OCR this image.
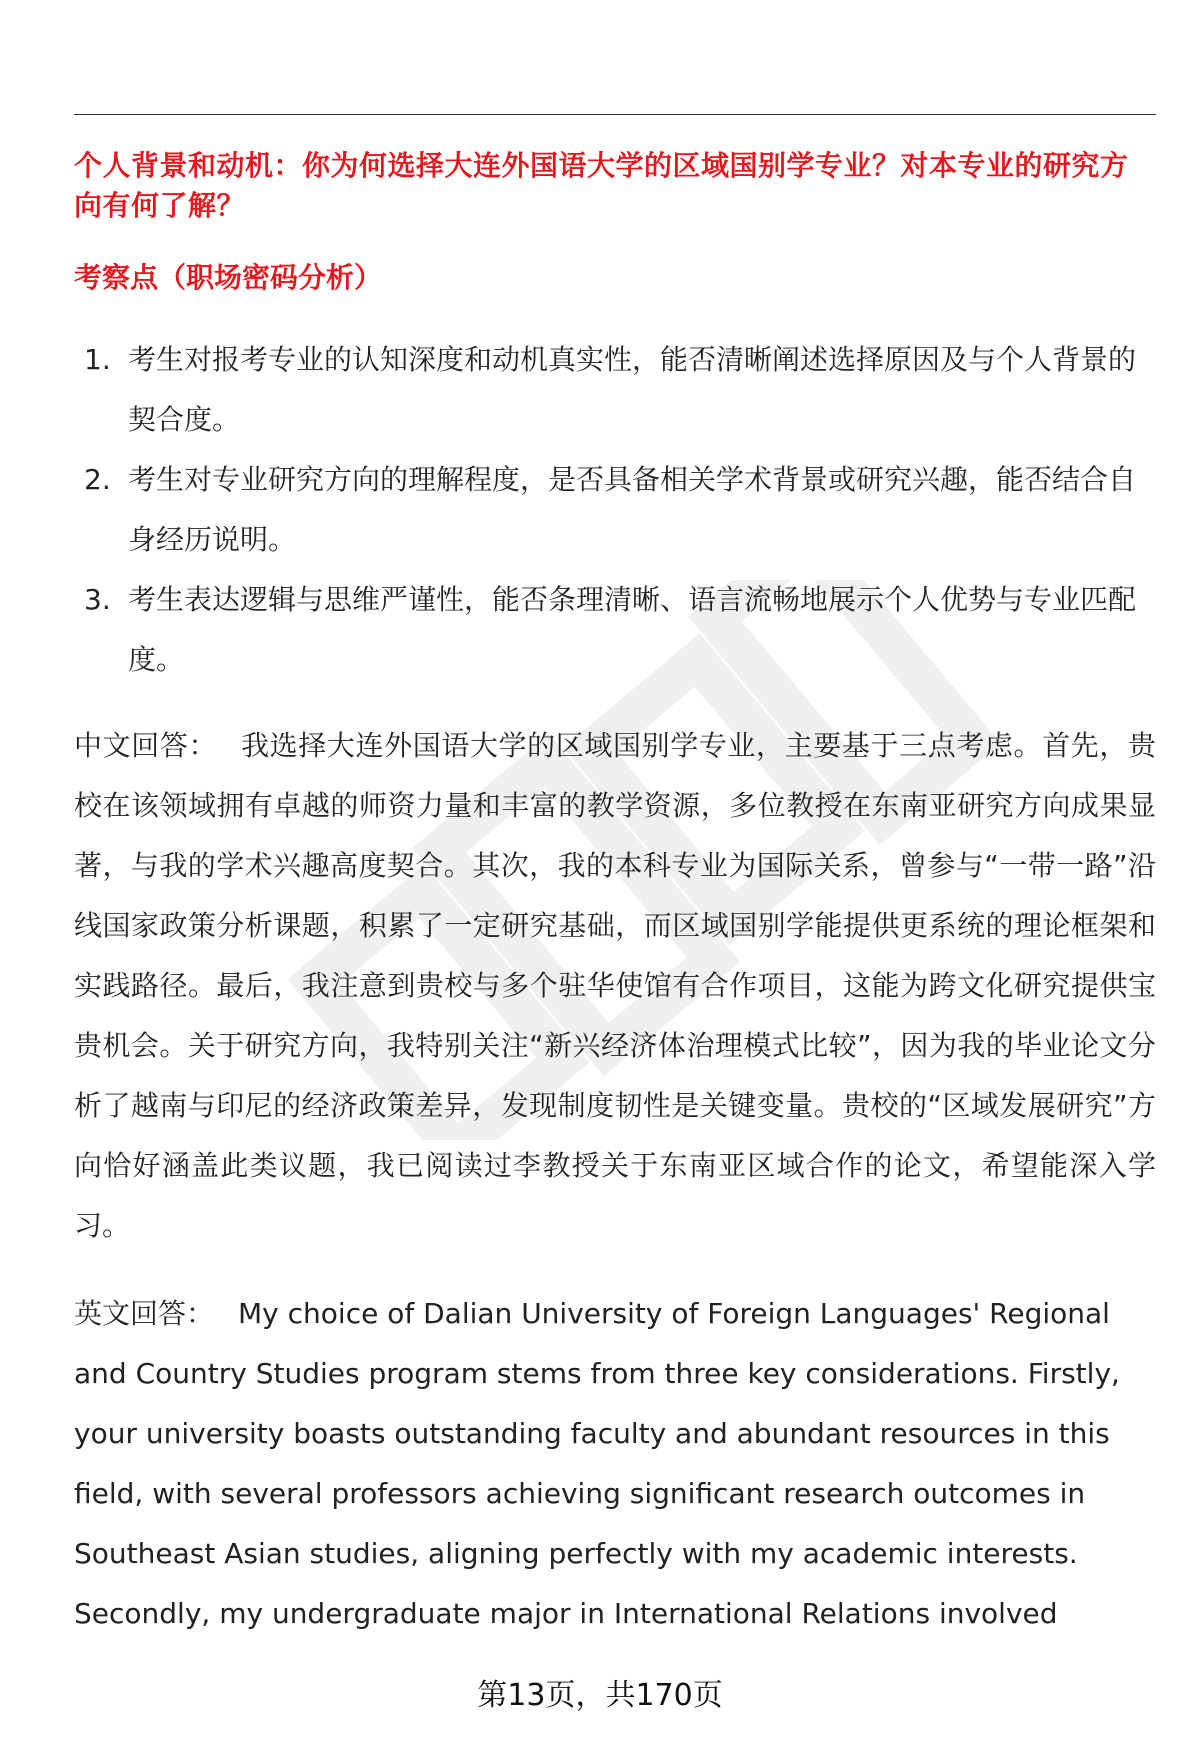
个人背景和动机：你为何选择大连外国语大学的区域国别学专业？对本专业的研究方向有何了解？
考察点（职场密码分析）
1. 考生对报考专业的认知深度和动机真实性，能否清晰阐述选择原因及与个人背景的契合度。
2. 考生对专业研究方向的理解程度，是否具备相关学术背景或研究兴趣，能否结合自身经历说明。
3. 考生表达逻辑与思维严谨性，能否条理清晰、语言流畅地展示个人优势与专业匹配度。
中文回答： 我选择大连外国语大学的区域国别学专业，主要基于三点考虑。首先，贵校在该领域拥有卓越的师资力量和丰富的教学资源，多位教授在东南亚研究方向成果显著，与我的学术兴趣高度契合。其次，我的本科专业为国际关系，曾参与“一带一路”沿线国家政策分析课题，积累了一定研究基础，而区域国别学能提供更系统的理论框架和实践路径。最后，我注意到贵校与多个驻华使馆有合作项目，这能为跨文化研究提供宝贵机会。关于研究方向，我特别关注“新兴经济体治理模式比较”，因为我的毕业论文分析了越南与印尼的经济政策差异，发现制度韧性是关键变量。贵校的“区域发展研究”方向恰好涵盖此类议题，我已阅读过李教授关于东南亚区域合作的论文，希望能深入学习。
英文回答： My choice of Dalian University of Foreign Languages' Regional and Country Studies program stems from three key considerations. Firstly, your university boasts outstanding faculty and abundant resources in this field, with several professors achieving significant research outcomes in Southeast Asian studies, aligning perfectly with my academic interests. Secondly, my undergraduate major in International Relations involved
第13页，共170页
